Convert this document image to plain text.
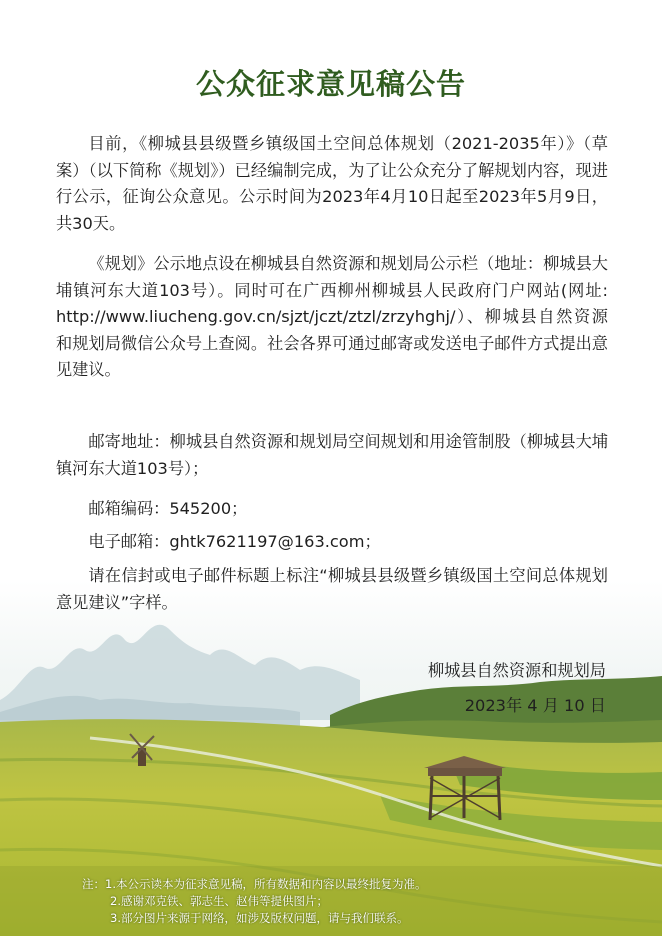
公众征求意见稿公告

目前，《柳城县县级暨乡镇级国土空间总体规划（2021-2035年）》（草案）（以下简称《规划》）已经编制完成，为了让公众充分了解规划内容，现进行公示，征询公众意见。公示时间为2023年4月10日起至2023年5月9日，共30天。

《规划》公示地点设在柳城县自然资源和规划局公示栏（地址：柳城县大埔镇河东大道103号）。同时可在广西柳州柳城县人民政府门户网站(网址: http://www.liucheng.gov.cn/sjzt/jczt/ztzl/zrzyhghj/）、柳城县自然资源和规划局微信公众号上查阅。社会各界可通过邮寄或发送电子邮件方式提出意见建议。

邮寄地址：柳城县自然资源和规划局空间规划和用途管制股（柳城县大埔镇河东大道103号）；

邮箱编码：545200；

电子邮箱：ghtk7621197@163.com；

请在信封或电子邮件标题上标注“柳城县县级暨乡镇级国土空间总体规划意见建议”字样。

柳城县自然资源和规划局
2023年 4 月 10 日
注：1.本公示读本为征求意见稿，所有数据和内容以最终批复为准。
2.感谢邓克铁、郭志生、赵伟等提供图片；
3.部分图片来源于网络，如涉及版权问题，请与我们联系。
